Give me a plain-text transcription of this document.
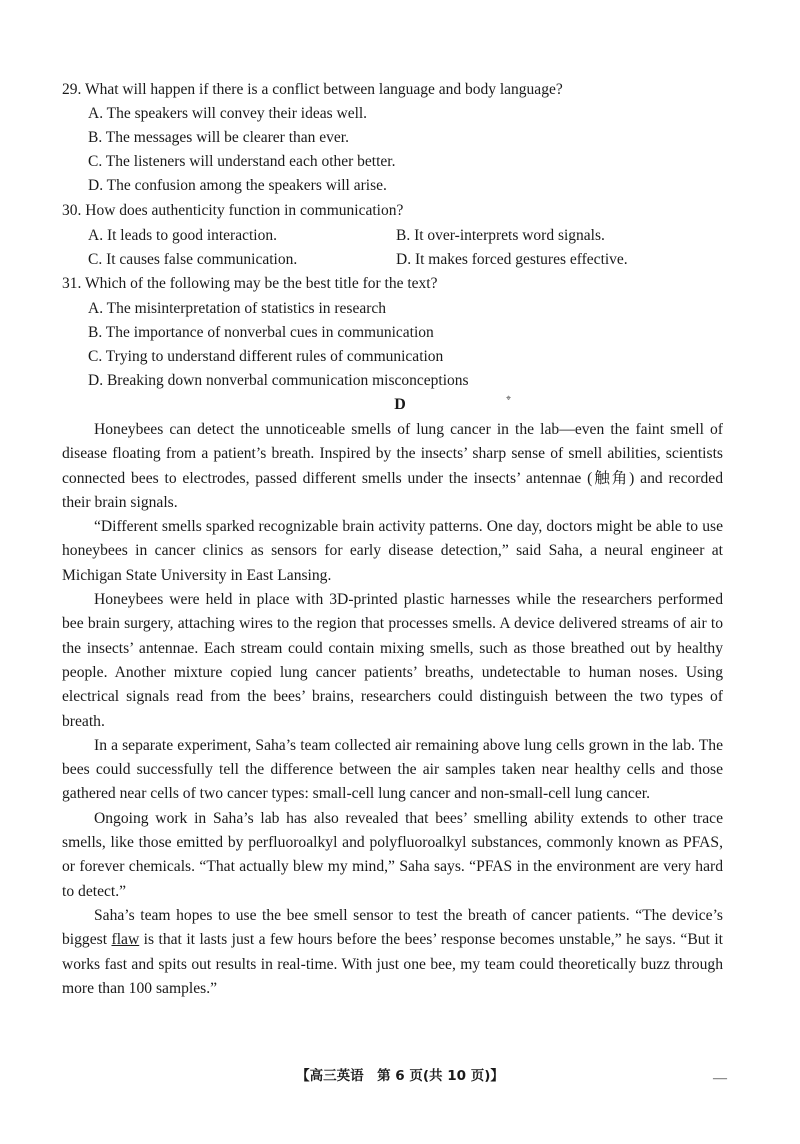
29. What will happen if there is a conflict between language and body language?
A. The speakers will convey their ideas well.
B. The messages will be clearer than ever.
C. The listeners will understand each other better.
D. The confusion among the speakers will arise.
30. How does authenticity function in communication?
A. It leads to good interaction.	B. It over-interprets word signals.
C. It causes false communication.	D. It makes forced gestures effective.
31. Which of the following may be the best title for the text?
A. The misinterpretation of statistics in research
B. The importance of nonverbal cues in communication
C. Trying to understand different rules of communication
D. Breaking down nonverbal communication misconceptions
D	⌖

Honeybees can detect the unnoticeable smells of lung cancer in the lab—even the faint smell of disease floating from a patient’s breath. Inspired by the insects’ sharp sense of smell abilities, scientists connected bees to electrodes, passed different smells under the insects’ antennae (触角) and recorded their brain signals.

“Different smells sparked recognizable brain activity patterns. One day, doctors might be able to use honeybees in cancer clinics as sensors for early disease detection,” said Saha, a neural engineer at Michigan State University in East Lansing.

Honeybees were held in place with 3D-printed plastic harnesses while the researchers performed bee brain surgery, attaching wires to the region that processes smells. A device delivered streams of air to the insects’ antennae. Each stream could contain mixing smells, such as those breathed out by healthy people. Another mixture copied lung cancer patients’ breaths, undetectable to human noses. Using electrical signals read from the bees’ brains, researchers could distinguish between the two types of breath.

In a separate experiment, Saha’s team collected air remaining above lung cells grown in the lab. The bees could successfully tell the difference between the air samples taken near healthy cells and those gathered near cells of two cancer types: small-cell lung cancer and non-small-cell lung cancer.

Ongoing work in Saha’s lab has also revealed that bees’ smelling ability extends to other trace smells, like those emitted by perfluoroalkyl and polyfluoroalkyl substances, commonly known as PFAS, or forever chemicals. “That actually blew my mind,” Saha says. “PFAS in the environment are very hard to detect.”

Saha’s team hopes to use the bee smell sensor to test the breath of cancer patients. “The device’s biggest flaw is that it lasts just a few hours before the bees’ response becomes unstable,” he says. “But it works fast and spits out results in real-time. With just one bee, my team could theoretically buzz through more than 100 samples.”

【高三英语　第 6 页(共 10 页)】	—
